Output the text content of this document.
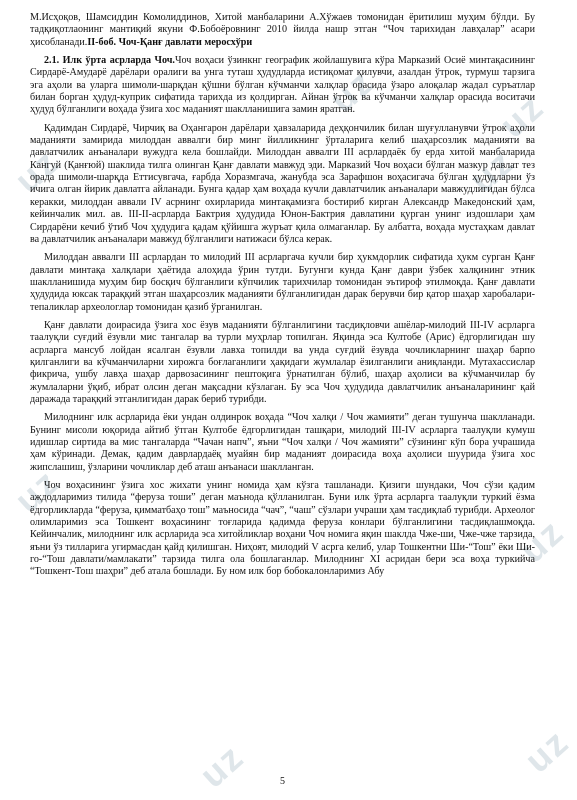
uz	uz
uz
uz
uz
uz
uz	uz

М.Исҳоқов, Шамсиддин Комолиддинов, Хитой манбаларини А.Хўжаев томонидан ёритилиш муҳим бўлди. Бу тадқиқотлаонинг мантиқий якуни Ф.Бобоёровнинг 2010 йилда нашр этган “Чоч тарихидан лавҳалар” асари ҳисобланади.II-боб. Чоч-Қанғ давлати меросхўри

2.1. Илк ўрта асрларда Чоч.Чоч воҳаси ўзинкнг географик жойлашувига кўра Марказий Осиё минтақасининг Сирдарё-Амударё дарёлари оралиги ва унга туташ ҳудудларда истиқомат қилувчи, азалдан ўтрок, турмуш тарзига эга аҳоли ва уларга шимоли-шарқдан қўшни бўлган кўчманчи халқлар орасида ўзаро алоқалар жадал суръатлар билан борган ҳудуд-куприк сифатида тарихда из қолдирган. Айнан ўтрок ва кўчманчи халқлар орасида воситачи ҳудуд бўлганлиги воҳада ўзига хос маданият шаклланишига замин яратган.

Қадимдан Сирдарё, Чирчиқ ва Оҳангарон дарёлари ҳавзаларида деҳқончилик билан шуғулланувчи ўтрок аҳоли маданияти замирида милоддан аввалги бир минг йилликнинг ўрталарига келиб шаҳарсозлик маданияти ва давлатчилик анъаналари вужудга кела бошлайди. Милоддан аввалги III асрлардаёк бу ерда хитой манбаларида Кангуй (Қанғюй) шаклида тилга олинган Қанғ давлати мавжуд эди. Марказий Чоч воҳаси бўлган мазкур давлат тез орада шимоли-шарқда Еттисувгача, ғарбда Хоразмгача, жанубда эса Зарафшон воҳасигача бўлган ҳудудларни ўз ичига олган йирик давлатга айланади. Бунга қадар ҳам воҳада кучли давлатчилик анъаналари мавжудлигидан бўлса керакки, милоддан аввали IV асрнинг охирларида минтақамизга бостириб кирган Александр Македонский ҳам, кейинчалик мил. ав. III-II-асрларда Бактрия ҳудудида Юнон-Бактрия давлатини қурган унинг издошлари ҳам Сирдарёни кечиб ўтиб Чоч ҳудудига қадам қўйишга журъат қила олмаганлар. Бу албатта, воҳада мустаҳкам давлат ва давлатчилик анъаналари мавжуд бўлганлиги натижаси бўлса керак.

Милоддан аввалги III асрлардан то милодий III асрларгача кучли бир ҳукмдорлик сифатида ҳукм сурган Қанғ давлати минтақа халқлари ҳаётида алоҳида ўрин тутди. Бугунги кунда Қанғ даври ўзбек халқининг этник шаклланишида муҳим бир босқич бўлганлиги кўпчилик тарихчилар томонидан эътироф этилмоқда. Қанғ давлати ҳудудида юксак тараққий этган шаҳарсозлик маданияти бўлганлигидан дарак берувчи бир қатор шаҳар харобалари-тепаликлар археологлар томонидан қазиб ўрганилган.

Қанғ давлати доирасида ўзига хос ёзув маданияти бўлганлигини тасдиқловчи ашёлар-милодий III-IV асрларга таалуқли суғдий ёзувли мис тангалар ва турли муҳрлар топилган. Яқинда эса Култобе (Арис) ёдгорлигидан шу асрларга мансуб лойдан ясалган ёзувли лавха топилди ва унда суғдий ёзувда чочликларнинг шаҳар барпо қилганлиги ва кўчманчиларни хирожга боғлаганлиги ҳақидаги жумлалар ёзилганлиги аниқланди. Мутахассислар фикрича, ушбу лавҳа шаҳар дарвозасининг пештоқига ўрнатилган бўлиб, шаҳар аҳолиси ва кўчманчилар бу жумлаларни ўқиб, ибрат олсин деган мақсадни кўзлаган. Бу эса Чоч ҳудудида давлатчилик анъаналарининг қай даражада тараққий этганлигидан дарак бериб турибди.

Милоднинг илк асрларида ёки ундан олдинрок воҳада “Чоч халқи / Чоч жамияти” деган тушунча шаклланади. Бунинг мисоли юқорида айтиб ўтган Култобе ёдгорлигидан ташқари, милодий III-IV асрларга таалуқли кумуш идишлар сиртида ва мис тангаларда “Чачан напч”, яъни “Чоч халқи / Чоч жамияти” сўзининг кўп бора учрашида ҳам кўринади. Демак, қадим даврлардаёқ муайян бир маданият доирасида воҳа аҳолиси шуурида ўзига хос жипслашиш, ўзларини чочликлар деб аташ анъанаси шаклланган.

Чоч воҳасининг ўзига хос жихати унинг номида ҳам кўзга ташланади. Қизиги шундаки, Чоч сўзи қадим аждодларимиз тилида “феруза тоши” деган маънода қўлланилган. Буни илк ўрта асрларга таалуқли туркий ёзма ёдгорликларда “феруза, қимматбаҳо тош” маъносида “чач”, “чаш” сўзлари учраши ҳам тасдиқлаб турибди. Археолог олимларимиз эса Тошкент воҳасининг тоғларида қадимда феруза конлари бўлганлигини тасдиқлашмоқда. Кейинчалик, милоднинг илк асрларида эса хитойликлар воҳани Чоч номига яқин шаклда Чже-ши, Чже-чже тарзида, яъни ўз тилларига угирмасдан қайд қилишган. Ниҳоят, милодий V асрга келиб, улар Тошкентни Ши-“Тош” ёки Ши-го-“Тош давлати/мамлакати” тарзида тилга ола бошлаганлар. Милоднинг XI асридан бери эса воҳа туркийча “Тошкент-Тош шаҳри” деб атала бошлади. Бу ном илк бор бобокалонларимиз Абу

5
